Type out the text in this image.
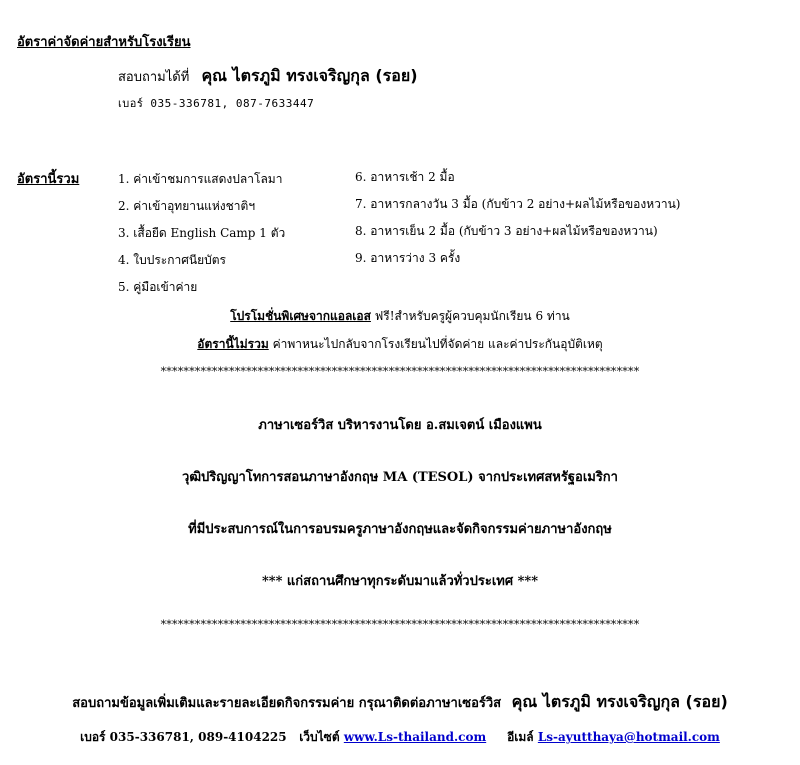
อัตราค่าจัดค่ายสำหรับโรงเรียน
สอบถามได้ที่ คุณ ไตรภูมิ ทรงเจริญกุล (รอย)
เบอร์ 035-336781, 087-7633447
อัตรานี้รวม	1. ค่าเข้าชมการแสดงปลาโลมา
2. ค่าเข้าอุทยานแห่งชาติฯ
3. เสื้อยืด English Camp 1 ตัว
4. ใบประกาศนียบัตร
5. คู่มือเข้าค่าย
6. อาหารเช้า 2 มื้อ
7. อาหารกลางวัน 3 มื้อ (กับข้าว 2 อย่าง+ผลไม้หรือของหวาน)
8. อาหารเย็น 2 มื้อ (กับข้าว 3 อย่าง+ผลไม้หรือของหวาน)
9. อาหารว่าง 3 ครั้ง
โปรโมชั่นพิเศษจากแอลเอส ฟรี!สำหรับครูผู้ควบคุมนักเรียน 6 ท่าน
อัตรานี้ไม่รวม ค่าพาหนะไปกลับจากโรงเรียนไปที่จัดค่าย และค่าประกันอุบัติเหตุ
************************************************************************************
ภาษาเซอร์วิส บริหารงานโดย อ.สมเจตน์ เมืองแพน
วุฒิปริญญาโทการสอนภาษาอังกฤษ MA (TESOL) จากประเทศสหรัฐอเมริกา
ที่มีประสบการณ์ในการอบรมครูภาษาอังกฤษและจัดกิจกรรมค่ายภาษาอังกฤษ
*** แก่สถานศึกษาทุกระดับมาแล้วทั่วประเทศ ***
************************************************************************************
สอบถามข้อมูลเพิ่มเติมและรายละเอียดกิจกรรมค่าย กรุณาติดต่อภาษาเซอร์วิส คุณ ไตรภูมิ ทรงเจริญกุล (รอย)
เบอร์ 035-336781, 089-4104225 เว็บไซต์ www.Ls-thailand.com อีเมล์ Ls-ayutthaya@hotmail.com
